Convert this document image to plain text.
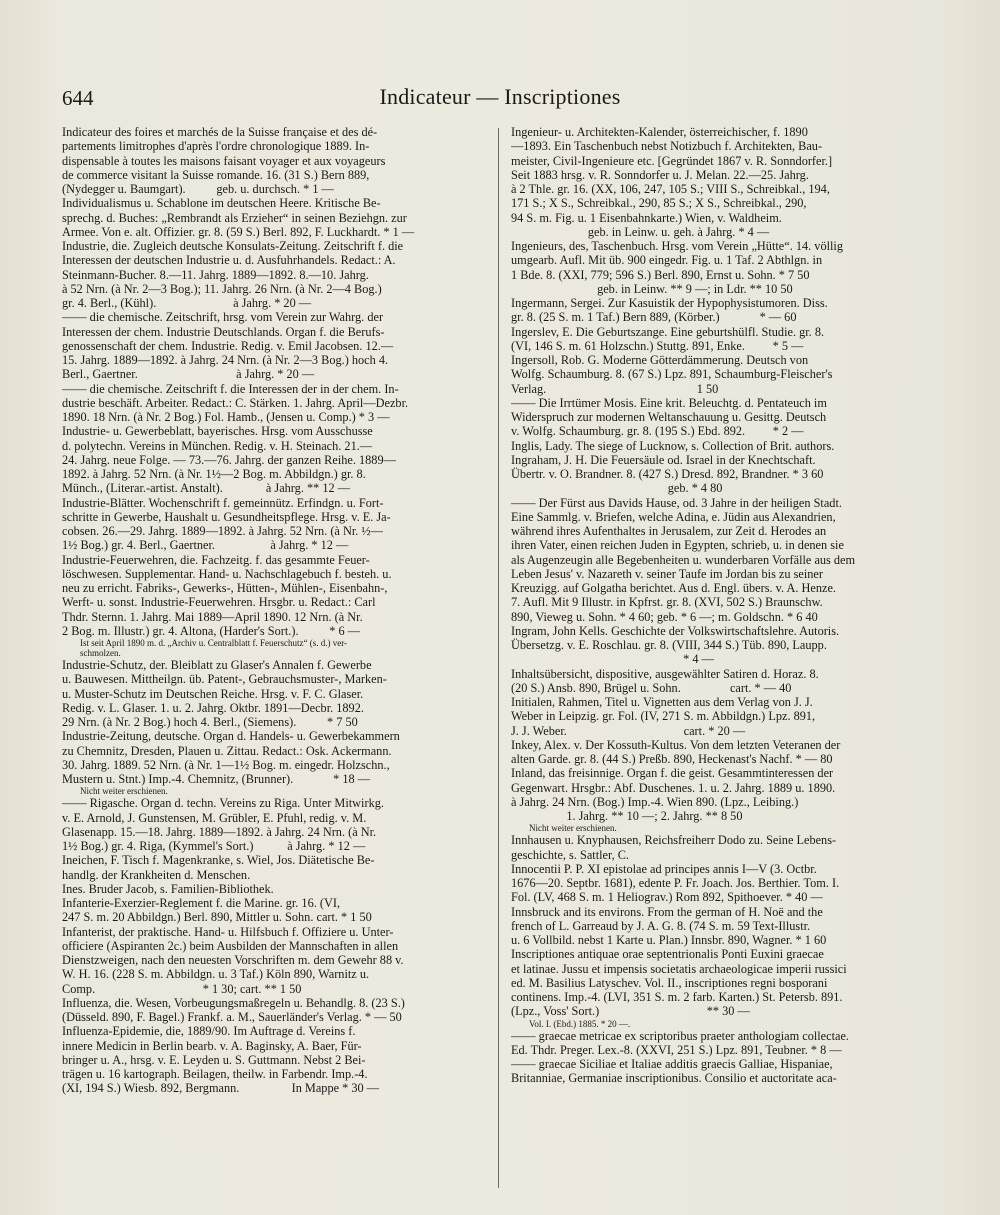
644	Indicateur — Inscriptiones
Indicateur des foires et marchés de la Suisse française et des dé-
partements limitrophes d'après l'ordre chronologique 1889. In-
dispensable à toutes les maisons faisant voyager et aux voyageurs
de commerce visitant la Suisse romande. 16. (31 S.) Bern 889,
(Nydegger u. Baumgart).          geb. u. durchsch. * 1 —
Individualismus u. Schablone im deutschen Heere. Kritische Be-
sprechg. d. Buches: „Rembrandt als Erzieher“ in seinen Beziehgn. zur
Armee. Von e. alt. Offizier. gr. 8. (59 S.) Berl. 892, F. Luckhardt. * 1 —
Industrie, die. Zugleich deutsche Konsulats-Zeitung. Zeitschrift f. die
Interessen der deutschen Industrie u. d. Ausfuhrhandels. Redact.: A.
Steinmann-Bucher. 8.—11. Jahrg. 1889—1892. 8.—10. Jahrg.
à 52 Nrn. (à Nr. 2—3 Bog.); 11. Jahrg. 26 Nrn. (à Nr. 2—4 Bog.)
gr. 4. Berl., (Kühl).                         à Jahrg. * 20 —
—— die chemische. Zeitschrift, hrsg. vom Verein zur Wahrg. der
Interessen der chem. Industrie Deutschlands. Organ f. die Berufs-
genossenschaft der chem. Industrie. Redig. v. Emil Jacobsen. 12.—
15. Jahrg. 1889—1892. à Jahrg. 24 Nrn. (à Nr. 2—3 Bog.) hoch 4.
Berl., Gaertner.                                à Jahrg. * 20 —
—— die chemische. Zeitschrift f. die Interessen der in der chem. In-
dustrie beschäft. Arbeiter. Redact.: C. Stärken. 1. Jahrg. April—Dezbr.
1890. 18 Nrn. (à Nr. 2 Bog.) Fol. Hamb., (Jensen u. Comp.) * 3 —
Industrie- u. Gewerbeblatt, bayerisches. Hrsg. vom Ausschusse
d. polytechn. Vereins in München. Redig. v. H. Steinach. 21.—
24. Jahrg. neue Folge. — 73.—76. Jahrg. der ganzen Reihe. 1889—
1892. à Jahrg. 52 Nrn. (à Nr. 1½—2 Bog. m. Abbildgn.) gr. 8.
Münch., (Literar.-artist. Anstalt).              à Jahrg. ** 12 —
Industrie-Blätter. Wochenschrift f. gemeinnütz. Erfindgn. u. Fort-
schritte in Gewerbe, Haushalt u. Gesundheitspflege. Hrsg. v. E. Ja-
cobsen. 26.—29. Jahrg. 1889—1892. à Jahrg. 52 Nrn. (à Nr. ½—
1½ Bog.) gr. 4. Berl., Gaertner.                  à Jahrg. * 12 —
Industrie-Feuerwehren, die. Fachzeitg. f. das gesammte Feuer-
löschwesen. Supplementar. Hand- u. Nachschlagebuch f. besteh. u.
neu zu erricht. Fabriks-, Gewerks-, Hütten-, Mühlen-, Eisenbahn-,
Werft- u. sonst. Industrie-Feuerwehren. Hrsgbr. u. Redact.: Carl
Thdr. Sternn. 1. Jahrg. Mai 1889—April 1890. 12 Nrn. (à Nr.
2 Bog. m. Illustr.) gr. 4. Altona, (Harder's Sort.).          * 6 —
Ist seit April 1890 m. d. „Archiv u. Centralblatt f. Feuerschutz“ (s. d.) ver-
schmolzen.
Industrie-Schutz, der. Bleiblatt zu Glaser's Annalen f. Gewerbe
u. Bauwesen. Mittheilgn. üb. Patent-, Gebrauchsmuster-, Marken-
u. Muster-Schutz im Deutschen Reiche. Hrsg. v. F. C. Glaser.
Redig. v. L. Glaser. 1. u. 2. Jahrg. Oktbr. 1891—Decbr. 1892.
29 Nrn. (à Nr. 2 Bog.) hoch 4. Berl., (Siemens).          * 7 50
Industrie-Zeitung, deutsche. Organ d. Handels- u. Gewerbekammern
zu Chemnitz, Dresden, Plauen u. Zittau. Redact.: Osk. Ackermann.
30. Jahrg. 1889. 52 Nrn. (à Nr. 1—1½ Bog. m. eingedr. Holzschn.,
Mustern u. Stnt.) Imp.-4. Chemnitz, (Brunner).             * 18 —
Nicht weiter erschienen.
—— Rigasche. Organ d. techn. Vereins zu Riga. Unter Mitwirkg.
v. E. Arnold, J. Gunstensen, M. Grübler, E. Pfuhl, redig. v. M.
Glasenapp. 15.—18. Jahrg. 1889—1892. à Jahrg. 24 Nrn. (à Nr.
1½ Bog.) gr. 4. Riga, (Kymmel's Sort.)           à Jahrg. * 12 —
Ineichen, F. Tisch f. Magenkranke, s. Wiel, Jos. Diätetische Be-
handlg. der Krankheiten d. Menschen.
Ines. Bruder Jacob, s. Familien-Bibliothek.
Infanterie-Exerzier-Reglement f. die Marine. gr. 16. (VI,
247 S. m. 20 Abbildgn.) Berl. 890, Mittler u. Sohn. cart. * 1 50
Infanterist, der praktische. Hand- u. Hilfsbuch f. Offiziere u. Unter-
officiere (Aspiranten 2c.) beim Ausbilden der Mannschaften in allen
Dienstzweigen, nach den neuesten Vorschriften m. dem Gewehr 88 v.
W. H. 16. (228 S. m. Abbildgn. u. 3 Taf.) Köln 890, Warnitz u.
Comp.                                   * 1 30; cart. ** 1 50
Influenza, die. Wesen, Vorbeugungsmaßregeln u. Behandlg. 8. (23 S.)
(Düsseld. 890, F. Bagel.) Frankf. a. M., Sauerländer's Verlag. * — 50
Influenza-Epidemie, die, 1889/90. Im Auftrage d. Vereins f.
innere Medicin in Berlin bearb. v. A. Baginsky, A. Baer, Für-
bringer u. A., hrsg. v. E. Leyden u. S. Guttmann. Nebst 2 Bei-
trägen u. 16 kartograph. Beilagen, theilw. in Farbendr. Imp.-4.
(XI, 194 S.) Wiesb. 892, Bergmann.                 In Mappe * 30 —
Ingenieur- u. Architekten-Kalender, österreichischer, f. 1890
—1893. Ein Taschenbuch nebst Notizbuch f. Architekten, Bau-
meister, Civil-Ingenieure etc. [Gegründet 1867 v. R. Sonndorfer.]
Seit 1883 hrsg. v. R. Sonndorfer u. J. Melan. 22.—25. Jahrg.
à 2 Thle. gr. 16. (XX, 106, 247, 105 S.; VIII S., Schreibkal., 194,
171 S.; X S., Schreibkal., 290, 85 S.; X S., Schreibkal., 290,
94 S. m. Fig. u. 1 Eisenbahnkarte.) Wien, v. Waldheim.
geb. in Leinw. u. geh. à Jahrg. * 4 —
Ingenieurs, des, Taschenbuch. Hrsg. vom Verein „Hütte“. 14. völlig
umgearb. Aufl. Mit üb. 900 eingedr. Fig. u. 1 Taf. 2 Abthlgn. in
1 Bde. 8. (XXI, 779; 596 S.) Berl. 890, Ernst u. Sohn. * 7 50
geb. in Leinw. ** 9 —; in Ldr. ** 10 50
Ingermann, Sergei. Zur Kasuistik der Hypophysistumoren. Diss.
gr. 8. (25 S. m. 1 Taf.) Bern 889, (Körber.)             * — 60
Ingerslev, E. Die Geburtszange. Eine geburtshülfl. Studie. gr. 8.
(VI, 146 S. m. 61 Holzschn.) Stuttg. 891, Enke.         * 5 —
Ingersoll, Rob. G. Moderne Götterdämmerung. Deutsch von
Wolfg. Schaumburg. 8. (67 S.) Lpz. 891, Schaumburg-Fleischer's
Verlag.                                                 1 50
—— Die Irrtümer Mosis. Eine krit. Beleuchtg. d. Pentateuch im
Widerspruch zur modernen Weltanschauung u. Gesittg. Deutsch
v. Wolfg. Schaumburg. gr. 8. (195 S.) Ebd. 892.         * 2 —
Inglis, Lady. The siege of Lucknow, s. Collection of Brit. authors.
Ingraham, J. H. Die Feuersäule od. Israel in der Knechtschaft.
Übertr. v. O. Brandner. 8. (427 S.) Dresd. 892, Brandner. * 3 60
geb. * 4 80
—— Der Fürst aus Davids Hause, od. 3 Jahre in der heiligen Stadt.
Eine Sammlg. v. Briefen, welche Adina, e. Jüdin aus Alexandrien,
während ihres Aufenthaltes in Jerusalem, zur Zeit d. Herodes an
ihren Vater, einen reichen Juden in Egypten, schrieb, u. in denen sie
als Augenzeugin alle Begebenheiten u. wunderbaren Vorfälle aus dem
Leben Jesus' v. Nazareth v. seiner Taufe im Jordan bis zu seiner
Kreuzigg. auf Golgatha berichtet. Aus d. Engl. übers. v. A. Henze.
7. Aufl. Mit 9 Illustr. in Kpfrst. gr. 8. (XVI, 502 S.) Braunschw.
890, Vieweg u. Sohn. * 4 60; geb. * 6 —; m. Goldschn. * 6 40
Ingram, John Kells. Geschichte der Volkswirtschaftslehre. Autoris.
Übersetzg. v. E. Roschlau. gr. 8. (VIII, 344 S.) Tüb. 890, Laupp.
* 4 —
Inhaltsübersicht, dispositive, ausgewählter Satiren d. Horaz. 8.
(20 S.) Ansb. 890, Brügel u. Sohn.                cart. * — 40
Initialen, Rahmen, Titel u. Vignetten aus dem Verlag von J. J.
Weber in Leipzig. gr. Fol. (IV, 271 S. m. Abbildgn.) Lpz. 891,
J. J. Weber.                                      cart. * 20 —
Inkey, Alex. v. Der Kossuth-Kultus. Von dem letzten Veteranen der
alten Garde. gr. 8. (44 S.) Preßb. 890, Heckenast's Nachf. * — 80
Inland, das freisinnige. Organ f. die geist. Gesammtinteressen der
Gegenwart. Hrsgbr.: Abf. Duschenes. 1. u. 2. Jahrg. 1889 u. 1890.
à Jahrg. 24 Nrn. (Bog.) Imp.-4. Wien 890. (Lpz., Leibing.)
1. Jahrg. ** 10 —; 2. Jahrg. ** 8 50
Nicht weiter erschienen.
Innhausen u. Knyphausen, Reichsfreiherr Dodo zu. Seine Lebens-
geschichte, s. Sattler, C.
Innocentii P. P. XI epistolae ad principes annis I—V (3. Octbr.
1676—20. Septbr. 1681), edente P. Fr. Joach. Jos. Berthier. Tom. I.
Fol. (LV, 468 S. m. 1 Heliograv.) Rom 892, Spithoever. * 40 —
Innsbruck and its environs. From the german of H. Noë and the
french of L. Garreaud by J. A. G. 8. (74 S. m. 59 Text-Illustr.
u. 6 Vollbild. nebst 1 Karte u. Plan.) Innsbr. 890, Wagner. * 1 60
Inscriptiones antiquae orae septentrionalis Ponti Euxini graecae
et latinae. Jussu et impensis societatis archaeologicae imperii russici
ed. M. Basilius Latyschev. Vol. II., inscriptiones regni bosporani
continens. Imp.-4. (LVI, 351 S. m. 2 farb. Karten.) St. Petersb. 891.
(Lpz., Voss' Sort.)                                   ** 30 —
Vol. I. (Ebd.) 1885. * 20 —.
—— graecae metricae ex scriptoribus praeter anthologiam collectae.
Ed. Thdr. Preger. Lex.-8. (XXVI, 251 S.) Lpz. 891, Teubner. * 8 —
—— graecae Siciliae et Italiae additis graecis Galliae, Hispaniae,
Britanniae, Germaniae inscriptionibus. Consilio et auctoritate aca-
